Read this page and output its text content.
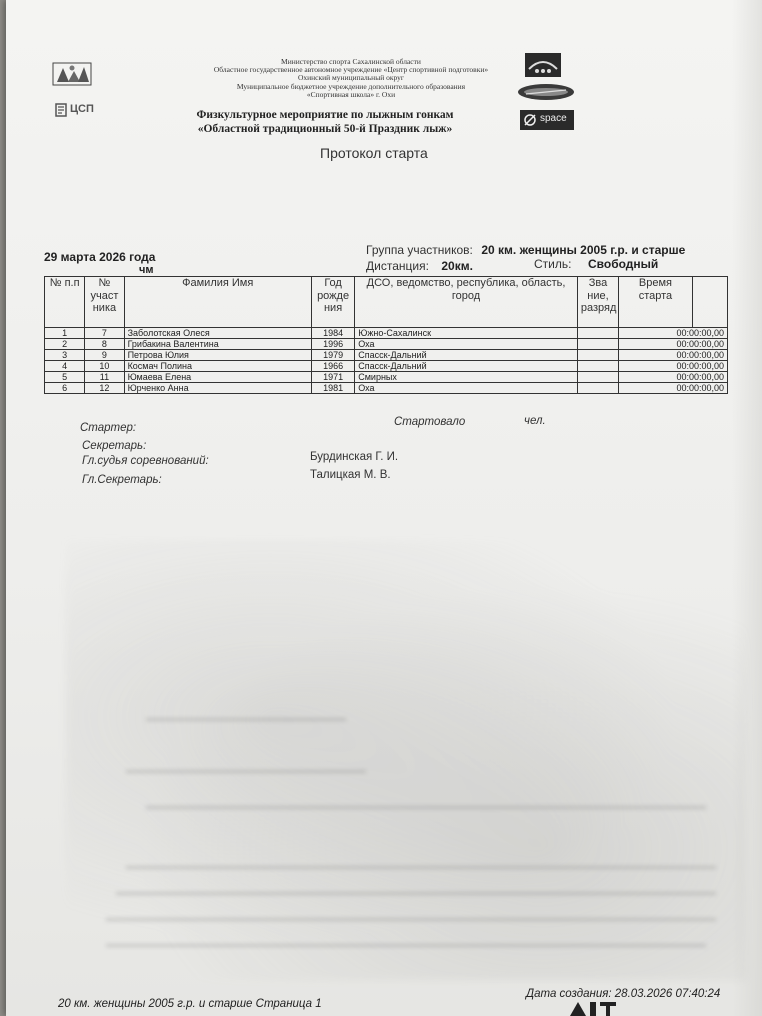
ЦСП
Министерство спорта Сахалинской области
Областное государственное автономное учреждение «Центр спортивной подготовки»
Охинский муниципальный округ
Муниципальное бюджетное учреждение дополнительного образования
«Спортивная школа» г. Охи
Физкультурное мероприятие по лыжным гонкам
«Областной традиционный 50-й Праздник лыж»
space
Протокол старта
29 марта 2026 года
чм
Группа участников: 20 км. женщины 2005 г.р. и старше
Дистанция: 20км.	Стиль: Свободный
№ п.п	№ участ ника	Фамилия Имя	Год рожде ния	ДСО, ведомство, республика, область, город	Зва ние, разряд	Время старта	
1	7	Заболотская Олеся	1984	Южно-Сахалинск		00:00:00,00	
2	8	Грибакина Валентина	1996	Оха		00:00:00,00	
3	9	Петрова Юлия	1979	Спасск-Дальний		00:00:00,00	
4	10	Космач Полина	1966	Спасск-Дальний		00:00:00,00	
5	11	Юмаева Елена	1971	Смирных		00:00:00,00	
6	12	Юрченко Анна	1981	Оха		00:00:00,00	
Стартер:	Стартовало	чел.
Секретарь:
Гл.судья соревнований:	Бурдинская Г. И.
Гл.Секретарь:	Талицкая М. В.
20 км. женщины 2005 г.р. и старше Страница 1
Дата создания: 28.03.2026 07:40:24
